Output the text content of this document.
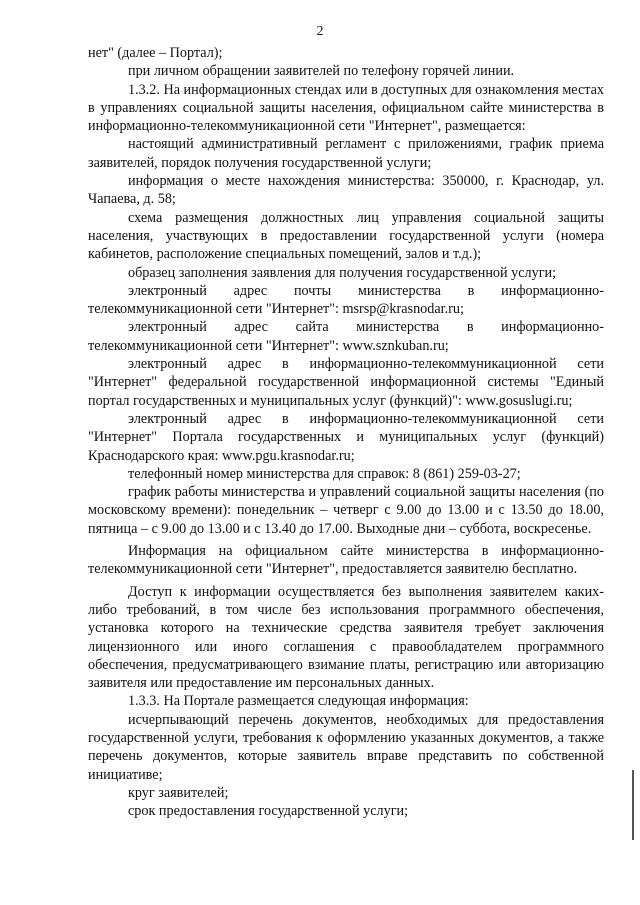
2

нет" (далее – Портал);

при личном обращении заявителей по телефону горячей линии.

1.3.2. На информационных стендах или в доступных для ознакомления местах в управлениях социальной защиты населения, официальном сайте министерства в информационно-телекоммуникационной сети "Интернет", размещается:

настоящий административный регламент с приложениями, график приема заявителей, порядок получения государственной услуги;

информация о месте нахождения министерства: 350000, г. Краснодар, ул. Чапаева, д. 58;

схема размещения должностных лиц управления социальной защиты населения, участвующих в предоставлении государственной услуги (номера кабинетов, расположение специальных помещений, залов и т.д.);

образец заполнения заявления для получения государственной услуги;

электронный адрес почты министерства в информационно-телекоммуникационной сети "Интернет": msrsp@krasnodar.ru;

электронный адрес сайта министерства в информационно-телекоммуникационной сети "Интернет": www.sznkuban.ru;

электронный адрес в информационно-телекоммуникационной сети "Интернет" федеральной государственной информационной системы "Единый портал государственных и муниципальных услуг (функций)": www.gosuslugi.ru;

электронный адрес в информационно-телекоммуникационной сети "Интернет" Портала государственных и муниципальных услуг (функций) Краснодарского края: www.pgu.krasnodar.ru;

телефонный номер министерства для справок: 8 (861) 259-03-27;

график работы министерства и управлений социальной защиты населения (по московскому времени): понедельник – четверг с 9.00 до 13.00 и с 13.50 до 18.00, пятница – с 9.00 до 13.00 и с 13.40 до 17.00. Выходные дни – суббота, воскресенье.

Информация на официальном сайте министерства в информационно-телекоммуникационной сети "Интернет", предоставляется заявителю бесплатно.

Доступ к информации осуществляется без выполнения заявителем каких-либо требований, в том числе без использования программного обеспечения, установка которого на технические средства заявителя требует заключения лицензионного или иного соглашения с правообладателем программного обеспечения, предусматривающего взимание платы, регистрацию или авторизацию заявителя или предоставление им персональных данных.

1.3.3. На Портале размещается следующая информация:

исчерпывающий перечень документов, необходимых для предоставления государственной услуги, требования к оформлению указанных документов, а также перечень документов, которые заявитель вправе представить по собственной инициативе;

круг заявителей;

срок предоставления государственной услуги;
